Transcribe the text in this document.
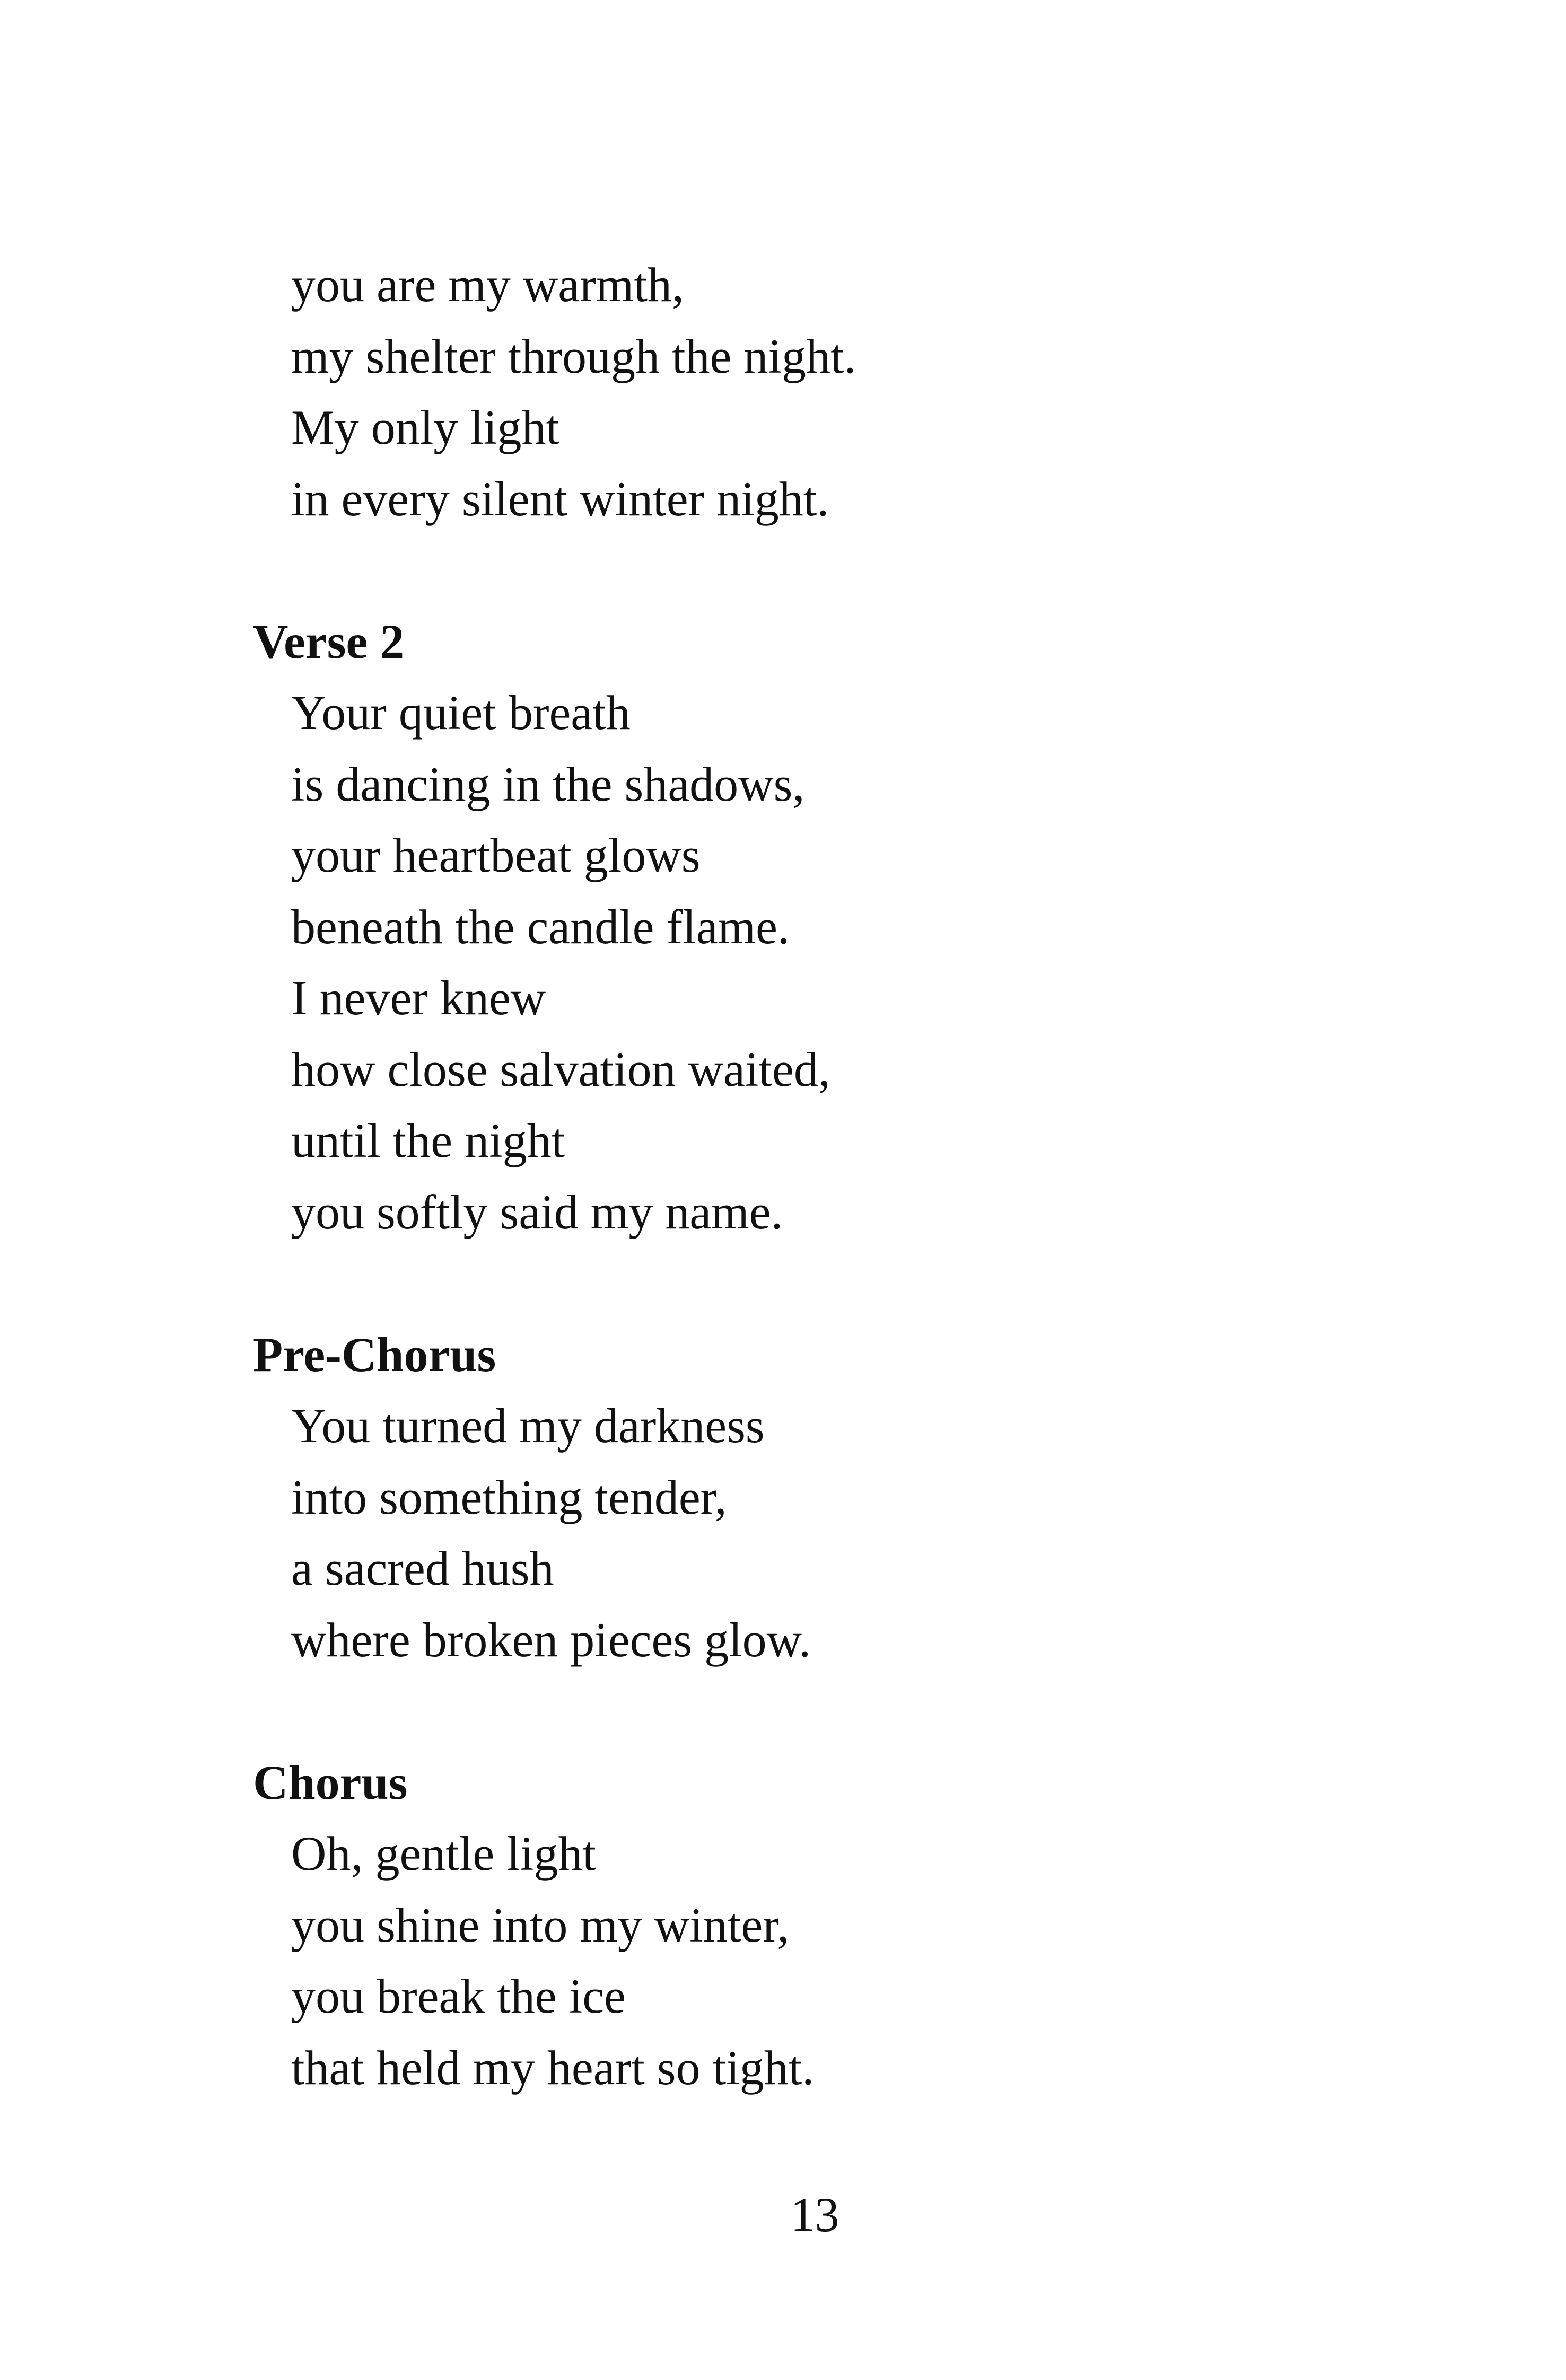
you are my warmth,
my shelter through the night.
My only light
in every silent winter night.
Verse 2
Your quiet breath
is dancing in the shadows,
your heartbeat glows
beneath the candle flame.
I never knew
how close salvation waited,
until the night
you softly said my name.
Pre-Chorus
You turned my darkness
into something tender,
a sacred hush
where broken pieces glow.
Chorus
Oh, gentle light
you shine into my winter,
you break the ice
that held my heart so tight.
13
